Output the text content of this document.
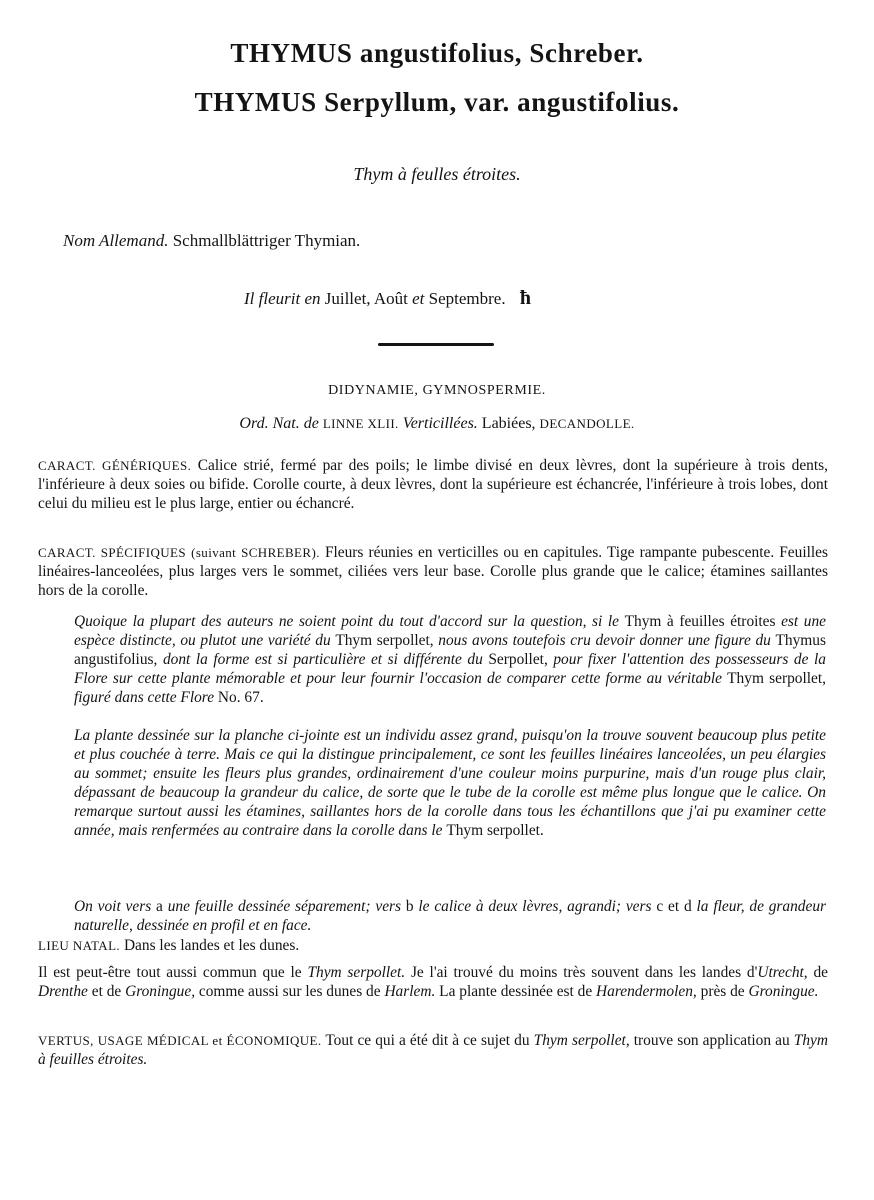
THYMUS angustifolius, Schreber.
THYMUS Serpyllum, var. angustifolius.
Thym à feulles étroites.
Nom Allemand. Schmallblättriger Thymian.
Il fleurit en Juillet, Août et Septembre. ħ
DIDYNAMIE, GYMNOSPERMIE.
Ord. Nat. de LINNE XLII. Verticillées. Labiées, DECANDOLLE.
CARACT. GÉNÉRIQUES. Calice strié, fermé par des poils; le limbe divisé en deux lèvres, dont la supérieure à trois dents, l'inférieure à deux soies ou bifide. Corolle courte, à deux lèvres, dont la supérieure est échancrée, l'inférieure à trois lobes, dont celui du milieu est le plus large, entier ou échancré.
CARACT. SPÉCIFIQUES (suivant SCHREBER). Fleurs réunies en verticilles ou en capitules. Tige rampante pubescente. Feuilles linéaires-lanceolées, plus larges vers le sommet, ciliées vers leur base. Corolle plus grande que le calice; étamines saillantes hors de la corolle.
Quoique la plupart des auteurs ne soient point du tout d'accord sur la question, si le Thym à feuilles étroites est une espèce distincte, ou plutot une variété du Thym serpollet, nous avons toutefois cru devoir donner une figure du Thymus angustifolius, dont la forme est si particulière et si différente du Serpollet, pour fixer l'attention des possesseurs de la Flore sur cette plante mémorable et pour leur fournir l'occasion de comparer cette forme au véritable Thym serpollet, figuré dans cette Flore No. 67.
La plante dessinée sur la planche ci-jointe est un individu assez grand, puisqu'on la trouve souvent beaucoup plus petite et plus couchée à terre. Mais ce qui la distingue principalement, ce sont les feuilles linéaires lanceolées, un peu élargies au sommet; ensuite les fleurs plus grandes, ordinairement d'une couleur moins purpurine, mais d'un rouge plus clair, dépassant de beaucoup la grandeur du calice, de sorte que le tube de la corolle est même plus longue que le calice. On remarque surtout aussi les étamines, saillantes hors de la corolle dans tous les échantillons que j'ai pu examiner cette année, mais renfermées au contraire dans la corolle dans le Thym serpollet.
On voit vers a une feuille dessinée séparement; vers b le calice à deux lèvres, agrandi; vers c et d la fleur, de grandeur naturelle, dessinée en profil et en face.
LIEU NATAL. Dans les landes et les dunes.
Il est peut-être tout aussi commun que le Thym serpollet. Je l'ai trouvé du moins très souvent dans les landes d'Utrecht, de Drenthe et de Groningue, comme aussi sur les dunes de Harlem. La plante dessinée est de Harendermolen, près de Groningue.
VERTUS, USAGE MÉDICAL et ÉCONOMIQUE. Tout ce qui a été dit à ce sujet du Thym serpollet, trouve son application au Thym à feuilles étroites.
